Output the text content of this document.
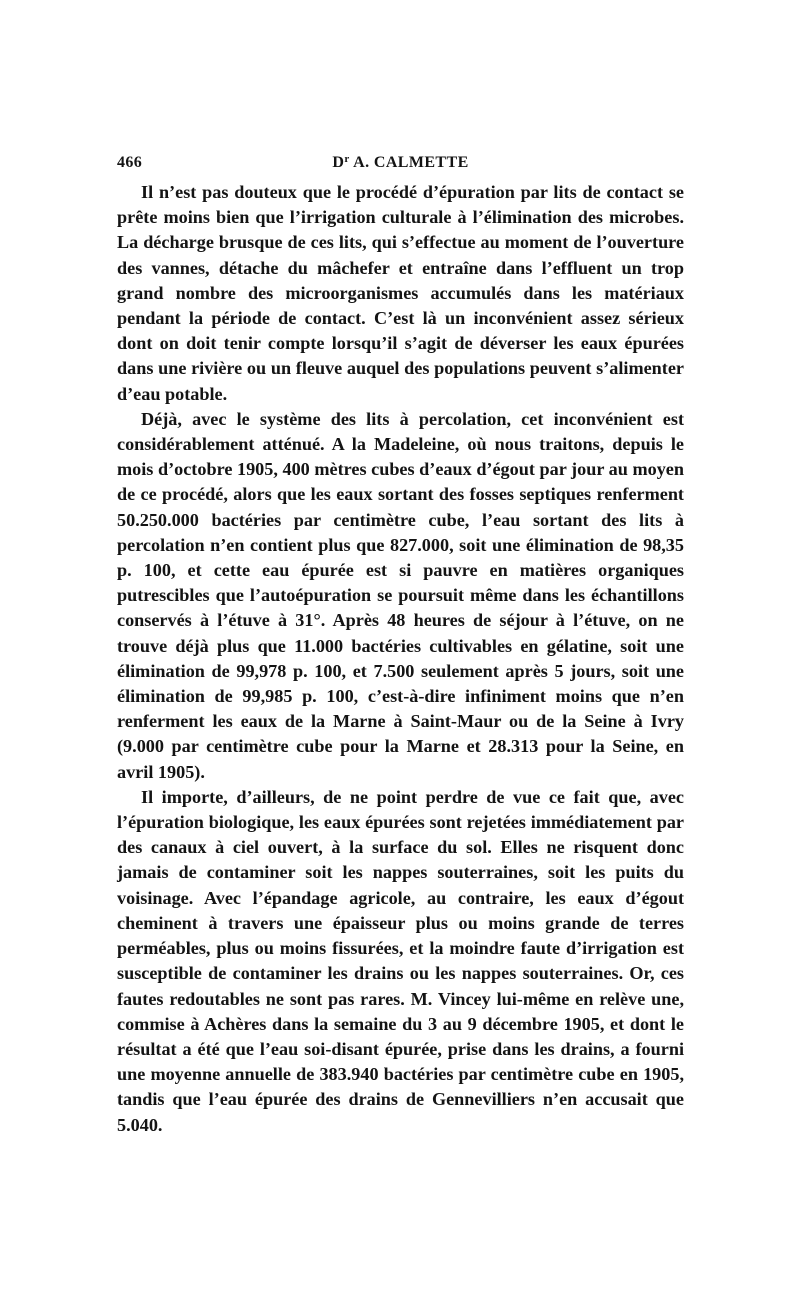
466	$D^r$ A. CALMETTE

Il n’est pas douteux que le procédé d’épuration par lits de contact se prête moins bien que l’irrigation culturale à l’élimination des microbes. La décharge brusque de ces lits, qui s’effectue au moment de l’ouverture des vannes, détache du mâchefer et entraîne dans l’effluent un trop grand nombre des microorganismes accumulés dans les matériaux pendant la période de contact. C’est là un inconvénient assez sérieux dont on doit tenir compte lorsqu’il s’agit de déverser les eaux épurées dans une rivière ou un fleuve auquel des populations peuvent s’alimenter d’eau potable.

Déjà, avec le système des lits à percolation, cet inconvénient est considérablement atténué. A la Madeleine, où nous traitons, depuis le mois d’octobre 1905, 400 mètres cubes d’eaux d’égout par jour au moyen de ce procédé, alors que les eaux sortant des fosses septiques renferment 50.250.000 bactéries par centimètre cube, l’eau sortant des lits à percolation n’en contient plus que 827.000, soit une élimination de 98,35 p. 100, et cette eau épurée est si pauvre en matières organiques putrescibles que l’autoépuration se poursuit même dans les échantillons conservés à l’étuve à 31°. Après 48 heures de séjour à l’étuve, on ne trouve déjà plus que 11.000 bactéries cultivables en gélatine, soit une élimination de 99,978 p. 100, et 7.500 seulement après 5 jours, soit une élimination de 99,985 p. 100, c’est-à-dire infiniment moins que n’en renferment les eaux de la Marne à Saint-Maur ou de la Seine à Ivry (9.000 par centimètre cube pour la Marne et 28.313 pour la Seine, en avril 1905).

Il importe, d’ailleurs, de ne point perdre de vue ce fait que, avec l’épuration biologique, les eaux épurées sont rejetées immédiatement par des canaux à ciel ouvert, à la surface du sol. Elles ne risquent donc jamais de contaminer soit les nappes souterraines, soit les puits du voisinage. Avec l’épandage agricole, au contraire, les eaux d’égout cheminent à travers une épaisseur plus ou moins grande de terres perméables, plus ou moins fissurées, et la moindre faute d’irrigation est susceptible de contaminer les drains ou les nappes souterraines. Or, ces fautes redoutables ne sont pas rares. M. Vincey lui-même en relève une, commise à Achères dans la semaine du 3 au 9 décembre 1905, et dont le résultat a été que l’eau soi-disant épurée, prise dans les drains, a fourni une moyenne annuelle de 383.940 bactéries par centimètre cube en 1905, tandis que l’eau épurée des drains de Gennevilliers n’en accusait que 5.040.
